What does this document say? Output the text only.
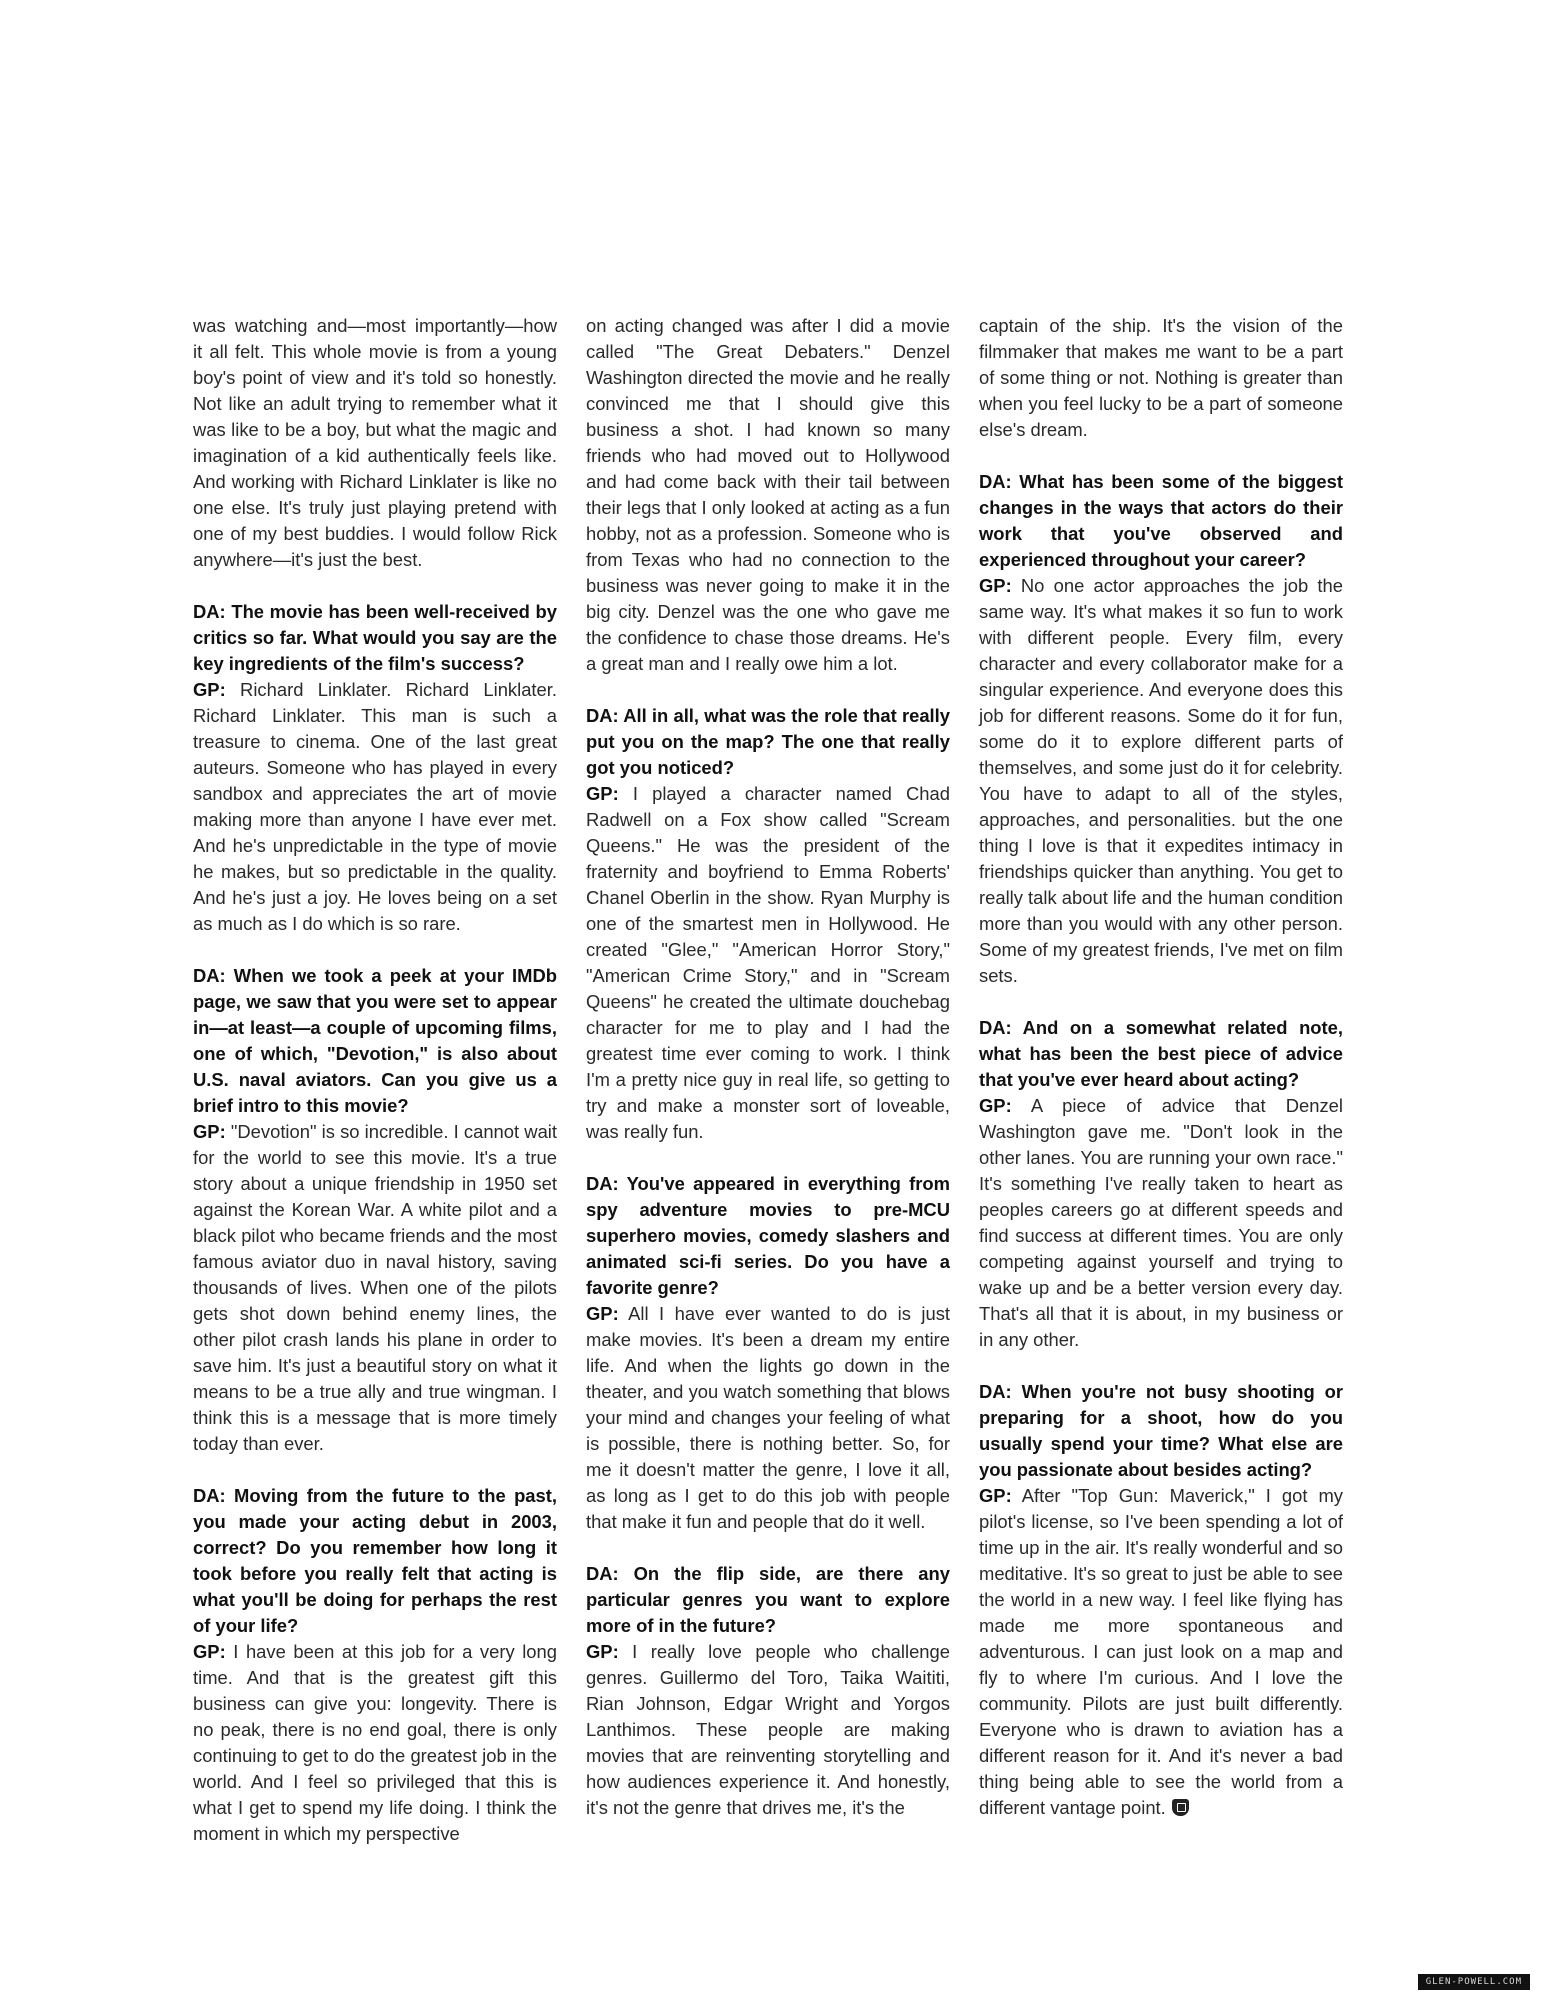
was watching and—most importantly—how it all felt. This whole movie is from a young boy's point of view and it's told so honestly. Not like an adult trying to remember what it was like to be a boy, but what the magic and imagination of a kid authentically feels like. And working with Richard Linklater is like no one else. It's truly just playing pretend with one of my best buddies. I would follow Rick anywhere—it's just the best.

DA: The movie has been well-received by critics so far. What would you say are the key ingredients of the film's success?

GP: Richard Linklater. Richard Linklater. Richard Linklater. This man is such a treasure to cinema. One of the last great auteurs. Someone who has played in every sandbox and appreciates the art of movie making more than anyone I have ever met. And he's unpredictable in the type of movie he makes, but so predictable in the quality. And he's just a joy. He loves being on a set as much as I do which is so rare.

DA: When we took a peek at your IMDb page, we saw that you were set to appear in—at least—a couple of upcoming films, one of which, "Devotion," is also about U.S. naval aviators. Can you give us a brief intro to this movie?

GP: "Devotion" is so incredible. I cannot wait for the world to see this movie. It's a true story about a unique friendship in 1950 set against the Korean War. A white pilot and a black pilot who became friends and the most famous aviator duo in naval history, saving thousands of lives. When one of the pilots gets shot down behind enemy lines, the other pilot crash lands his plane in order to save him. It's just a beautiful story on what it means to be a true ally and true wingman. I think this is a message that is more timely today than ever.

DA: Moving from the future to the past, you made your acting debut in 2003, correct? Do you remember how long it took before you really felt that acting is what you'll be doing for perhaps the rest of your life?

GP: I have been at this job for a very long time. And that is the greatest gift this business can give you: longevity. There is no peak, there is no end goal, there is only continuing to get to do the greatest job in the world. And I feel so privileged that this is what I get to spend my life doing. I think the moment in which my perspective

on acting changed was after I did a movie called "The Great Debaters." Denzel Washington directed the movie and he really convinced me that I should give this business a shot. I had known so many friends who had moved out to Hollywood and had come back with their tail between their legs that I only looked at acting as a fun hobby, not as a profession. Someone who is from Texas who had no connection to the business was never going to make it in the big city. Denzel was the one who gave me the confidence to chase those dreams. He's a great man and I really owe him a lot.

DA: All in all, what was the role that really put you on the map? The one that really got you noticed?

GP: I played a character named Chad Radwell on a Fox show called "Scream Queens." He was the president of the fraternity and boyfriend to Emma Roberts' Chanel Oberlin in the show. Ryan Murphy is one of the smartest men in Hollywood. He created "Glee," "American Horror Story," "American Crime Story," and in "Scream Queens" he created the ultimate douchebag character for me to play and I had the greatest time ever coming to work. I think I'm a pretty nice guy in real life, so getting to try and make a monster sort of loveable, was really fun.

DA: You've appeared in everything from spy adventure movies to pre-MCU superhero movies, comedy slashers and animated sci-fi series. Do you have a favorite genre?

GP: All I have ever wanted to do is just make movies. It's been a dream my entire life. And when the lights go down in the theater, and you watch something that blows your mind and changes your feeling of what is possible, there is nothing better. So, for me it doesn't matter the genre, I love it all, as long as I get to do this job with people that make it fun and people that do it well.

DA: On the flip side, are there any particular genres you want to explore more of in the future?

GP: I really love people who challenge genres. Guillermo del Toro, Taika Waititi, Rian Johnson, Edgar Wright and Yorgos Lanthimos. These people are making movies that are reinventing storytelling and how audiences experience it. And honestly, it's not the genre that drives me, it's the

captain of the ship. It's the vision of the filmmaker that makes me want to be a part of some thing or not. Nothing is greater than when you feel lucky to be a part of someone else's dream.

DA: What has been some of the biggest changes in the ways that actors do their work that you've observed and experienced throughout your career?

GP: No one actor approaches the job the same way. It's what makes it so fun to work with different people. Every film, every character and every collaborator make for a singular experience. And everyone does this job for different reasons. Some do it for fun, some do it to explore different parts of themselves, and some just do it for celebrity. You have to adapt to all of the styles, approaches, and personalities. but the one thing I love is that it expedites intimacy in friendships quicker than anything. You get to really talk about life and the human condition more than you would with any other person. Some of my greatest friends, I've met on film sets.

DA: And on a somewhat related note, what has been the best piece of advice that you've ever heard about acting?

GP: A piece of advice that Denzel Washington gave me. "Don't look in the other lanes. You are running your own race." It's something I've really taken to heart as peoples careers go at different speeds and find success at different times. You are only competing against yourself and trying to wake up and be a better version every day. That's all that it is about, in my business or in any other.

DA: When you're not busy shooting or preparing for a shoot, how do you usually spend your time? What else are you passionate about besides acting?

GP: After "Top Gun: Maverick," I got my pilot's license, so I've been spending a lot of time up in the air. It's really wonderful and so meditative. It's so great to just be able to see the world in a new way. I feel like flying has made me more spontaneous and adventurous. I can just look on a map and fly to where I'm curious. And I love the community. Pilots are just built differently. Everyone who is drawn to aviation has a different reason for it. And it's never a bad thing being able to see the world from a different vantage point.

GLEN-POWELL.COM
